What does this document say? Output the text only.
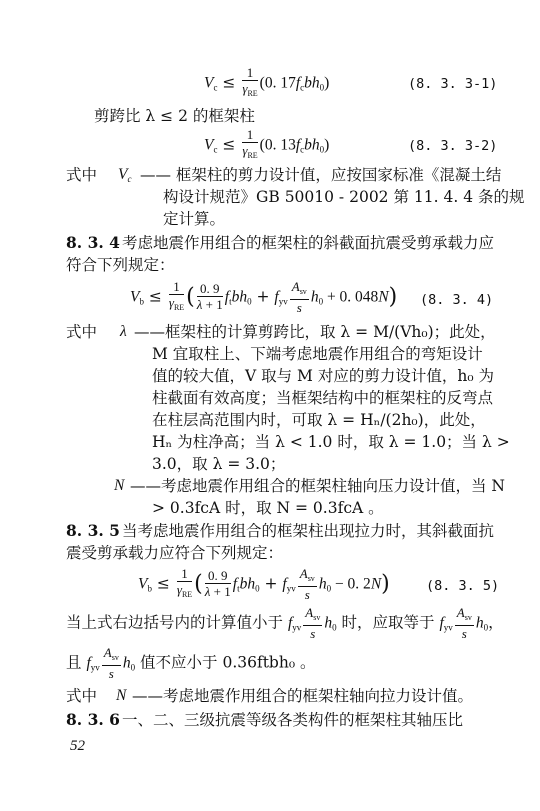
$V_c \le \frac{1}{\gamma_{RE}} (0$. $17f_cbh_0$)	(8. 3. 3-1)
剪跨比 λ ≤ 2 的框架柱
$V_c \le \frac{1}{\gamma_{RE}} (0$. $13f_cbh_0$)	(8. 3. 3-2)
式中 $V_c$ —— 框架柱的剪力设计值，应按国家标准《混凝土结
构设计规范》GB 50010 - 2002 第 11. 4. 4 条的规
定计算。
8. 3. 4 考虑地震作用组合的框架柱的斜截面抗震受剪承载力应
符合下列规定：
$V_b \le \frac{1}{\gamma_{RE}}$ ( $\frac{0. 9}{\lambda + 1} f_tbh_0 + f_{yv} \frac{A_{sv}}{s} h_0 + 0$. 048N) (8. 3. 4)
式中 λ ——框架柱的计算剪跨比，取 λ = M/(Vh₀)；此处，
M 宜取柱上、下端考虑地震作用组合的弯矩设计
值的较大值，V 取与 M 对应的剪力设计值，h₀ 为
柱截面有效高度；当框架结构中的框架柱的反弯点
在柱层高范围内时，可取 λ = Hₙ/(2h₀)，此处，
Hₙ 为柱净高；当 λ < 1.0 时，取 λ = 1.0；当 λ >
3.0，取 λ = 3.0；
N ——考虑地震作用组合的框架柱轴向压力设计值，当 N
> 0.3fcA 时，取 N = 0.3fcA 。
8. 3. 5 当考虑地震作用组合的框架柱出现拉力时，其斜截面抗
震受剪承载力应符合下列规定：
$V_b \le \frac{1}{\gamma_{RE}}$ ( $\frac{0. 9}{\lambda + 1} f_tbh_0 + f_{yv} \frac{A_{sv}}{s} h_0 - 0$. 2N)	(8. 3. 5)
当上式右边括号内的计算值小于 $f_{yv} \frac{A_{sv}}{s} h_0$ 时，应取等于 $f_{yv} \frac{A_{sv}}{s} h_0$，
且 $f_{yv} \frac{A_{sv}}{s} h_0$ 值不应小于 0.36ftbh₀ 。
式中 N ——考虑地震作用组合的框架柱轴向拉力设计值。
8. 3. 6 一、二、三级抗震等级各类构件的框架柱其轴压比
52
